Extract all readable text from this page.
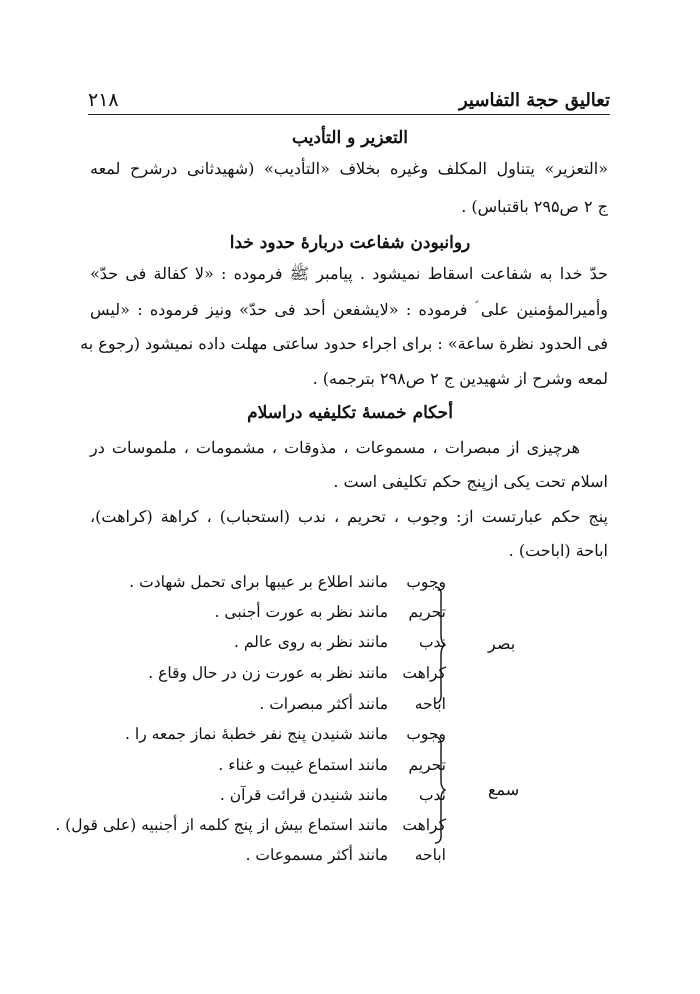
تعالیق حجة التفاسیر
۲۱۸
التعزیر و التأدیب
«التعزیر» یتناول المکلف وغیره بخلاف «التأدیب» (شهیدثانی درشرح لمعه
ج ۲ ص۲۹۵ باقتباس) .
روانبودن شفاعت دربارهٔ حدود خدا
حدّ خدا به شفاعت اسقاط نمیشود . پیامبر ﷺ فرموده : «لا کفالة فی حدّ»
وأمیرالمؤمنین علی ؑ فرموده : «لایشفعن أحد فی حدّ» ونیز فرموده : «لیس
فی الحدود نظرة ساعة» : برای اجراء حدود ساعتی مهلت داده نمیشود (رجوع به
لمعه وشرح از شهیدین ج ۲ ص۲۹۸ بترجمه) .
أحکام خمسهٔ تکلیفیه دراسلام
هرچیزی از مبصرات ، مسموعات ، مذوقات ، مشمومات ، ملموسات در
اسلام تحت یکی ازپنج حکم تکلیفی است .
پنج حکم عبارتست از: وجوب ، تحریم ، ندب (استحباب) ، کراهة (کراهت)،
اباحة (اباحت) .
بصر
وجوب
مانند اطلاع بر عیبها برای تحمل شهادت .
تحریم
مانند نظر به عورت أجنبی .
ندب
مانند نظر به روی عالم .
کراهت
مانند نظر به عورت زن در حال وقاع .
اباحه
مانند أکثر مبصرات .
سمع
وجوب
مانند شنیدن پنج نفر خطبهٔ نماز جمعه را .
تحریم
مانند استماع غیبت و غناء .
ندب
مانند شنیدن قرائت قرآن .
کراهت
مانند استماع بیش از پنج کلمه از أجنبیه (علی قول) .
اباحه
مانند أکثر مسموعات .
